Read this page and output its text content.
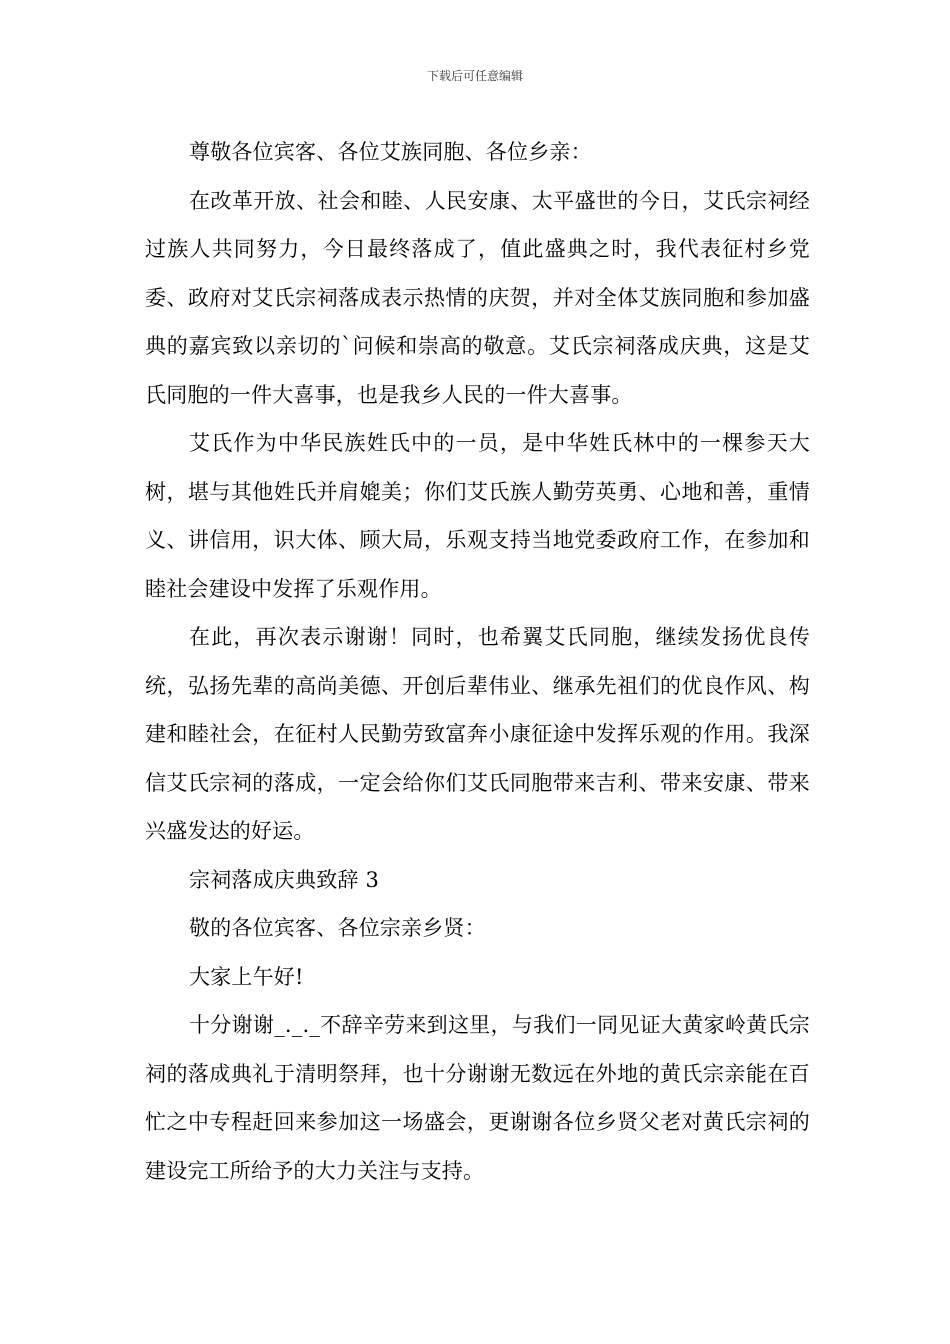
下载后可任意编辑

尊敬各位宾客、各位艾族同胞、各位乡亲：

在改革开放、社会和睦、人民安康、太平盛世的今日，艾氏宗祠经过族人共同努力，今日最终落成了，值此盛典之时，我代表征村乡党委、政府对艾氏宗祠落成表示热情的庆贺，并对全体艾族同胞和参加盛典的嘉宾致以亲切的`问候和崇高的敬意。艾氏宗祠落成庆典，这是艾氏同胞的一件大喜事，也是我乡人民的一件大喜事。

艾氏作为中华民族姓氏中的一员，是中华姓氏林中的一棵参天大树，堪与其他姓氏并肩媲美；你们艾氏族人勤劳英勇、心地和善，重情义、讲信用，识大体、顾大局，乐观支持当地党委政府工作，在参加和睦社会建设中发挥了乐观作用。

在此，再次表示谢谢！同时，也希翼艾氏同胞，继续发扬优良传统，弘扬先辈的高尚美德、开创后辈伟业、继承先祖们的优良作风、构建和睦社会，在征村人民勤劳致富奔小康征途中发挥乐观的作用。我深信艾氏宗祠的落成，一定会给你们艾氏同胞带来吉利、带来安康、带来兴盛发达的好运。

宗祠落成庆典致辞 3

敬的各位宾客、各位宗亲乡贤：

大家上午好!

十分谢谢_._._不辞辛劳来到这里，与我们一同见证大黄家岭黄氏宗祠的落成典礼于清明祭拜，也十分谢谢无数远在外地的黄氏宗亲能在百忙之中专程赶回来参加这一场盛会，更谢谢各位乡贤父老对黄氏宗祠的建设完工所给予的大力关注与支持。
